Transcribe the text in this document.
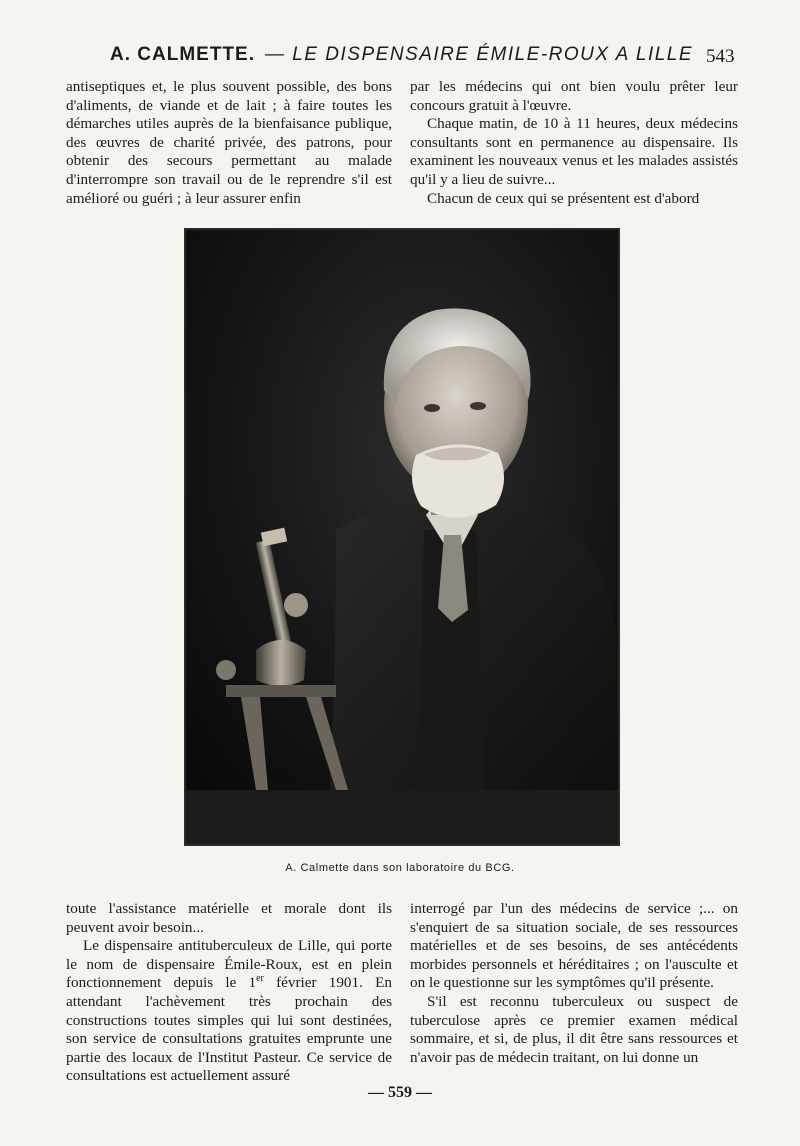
A. CALMETTE. — LE DISPENSAIRE ÉMILE-ROUX A LILLE 543

antiseptiques et, le plus souvent possible, des bons d'aliments, de viande et de lait ; à faire toutes les démarches utiles auprès de la bienfaisance publique, des œuvres de charité privée, des patrons, pour obtenir des secours permettant au malade d'interrompre son travail ou de le reprendre s'il est amélioré ou guéri ; à leur assurer enfin

par les médecins qui ont bien voulu prêter leur concours gratuit à l'œuvre.

Chaque matin, de 10 à 11 heures, deux médecins consultants sont en permanence au dispensaire. Ils examinent les nouveaux venus et les malades assistés qu'il y a lieu de suivre...

Chacun de ceux qui se présentent est d'abord

A. Calmette dans son laboratoire du BCG.

toute l'assistance matérielle et morale dont ils peuvent avoir besoin...

Le dispensaire antituberculeux de Lille, qui porte le nom de dispensaire Émile-Roux, est en plein fonctionnement depuis le 1er février 1901. En attendant l'achèvement très prochain des constructions toutes simples qui lui sont destinées, son service de consultations gratuites emprunte une partie des locaux de l'Institut Pasteur. Ce service de consultations est actuellement assuré

interrogé par l'un des médecins de service ;... on s'enquiert de sa situation sociale, de ses ressources matérielles et de ses besoins, de ses antécédents morbides personnels et héréditaires ; on l'ausculte et on le questionne sur les symptômes qu'il présente.

S'il est reconnu tuberculeux ou suspect de tuberculose après ce premier examen médical sommaire, et si, de plus, il dit être sans ressources et n'avoir pas de médecin traitant, on lui donne un

— 559 —
